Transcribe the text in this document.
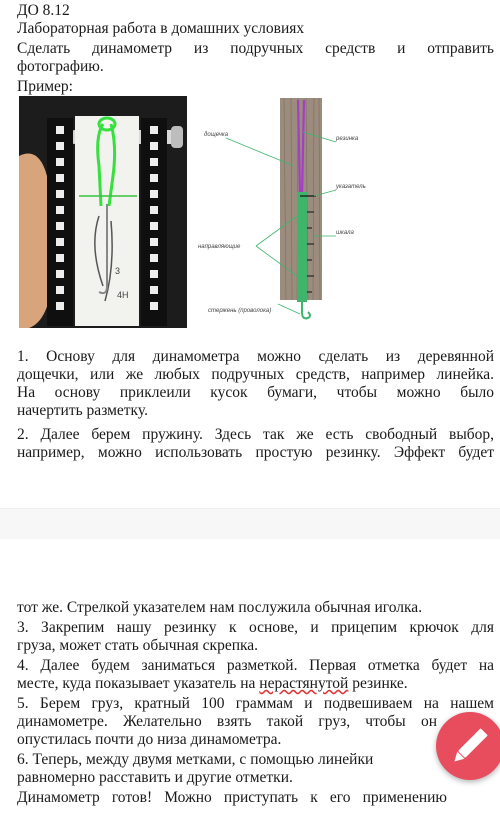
ДО 8.12
Лабораторная работа в домашних условиях
Сделать динамометр из подручных средств и отправить
фотографию.
Пример:
3
4H
дощечка
резинка
указатель
шкала
направляющие
стержень (проволока)
1. Основу для динамометра можно сделать из деревянной
дощечки, или же любых подручных средств, например линейка.
На основу приклеили кусок бумаги, чтобы можно было
начертить разметку.
2. Далее берем пружину. Здесь так же есть свободный выбор,
например, можно использовать простую резинку. Эффект будет
тот же. Стрелкой указателем нам послужила обычная иголка.
3. Закрепим нашу резинку к основе, и прицепим крючок для
груза, может стать обычная скрепка.
4. Далее будем заниматься разметкой. Первая отметка будет на
месте, куда показывает указатель на нерастянутой резинке.
5. Берем груз, кратный 100 граммам и подвешиваем на нашем
динамометре. Желательно взять такой груз, чтобы он
опустилась почти до низа динамометра.
6. Теперь, между двумя метками, с помощью линейки
равномерно расставить и другие отметки.
Динамометр готов! Можно приступать к его применению
